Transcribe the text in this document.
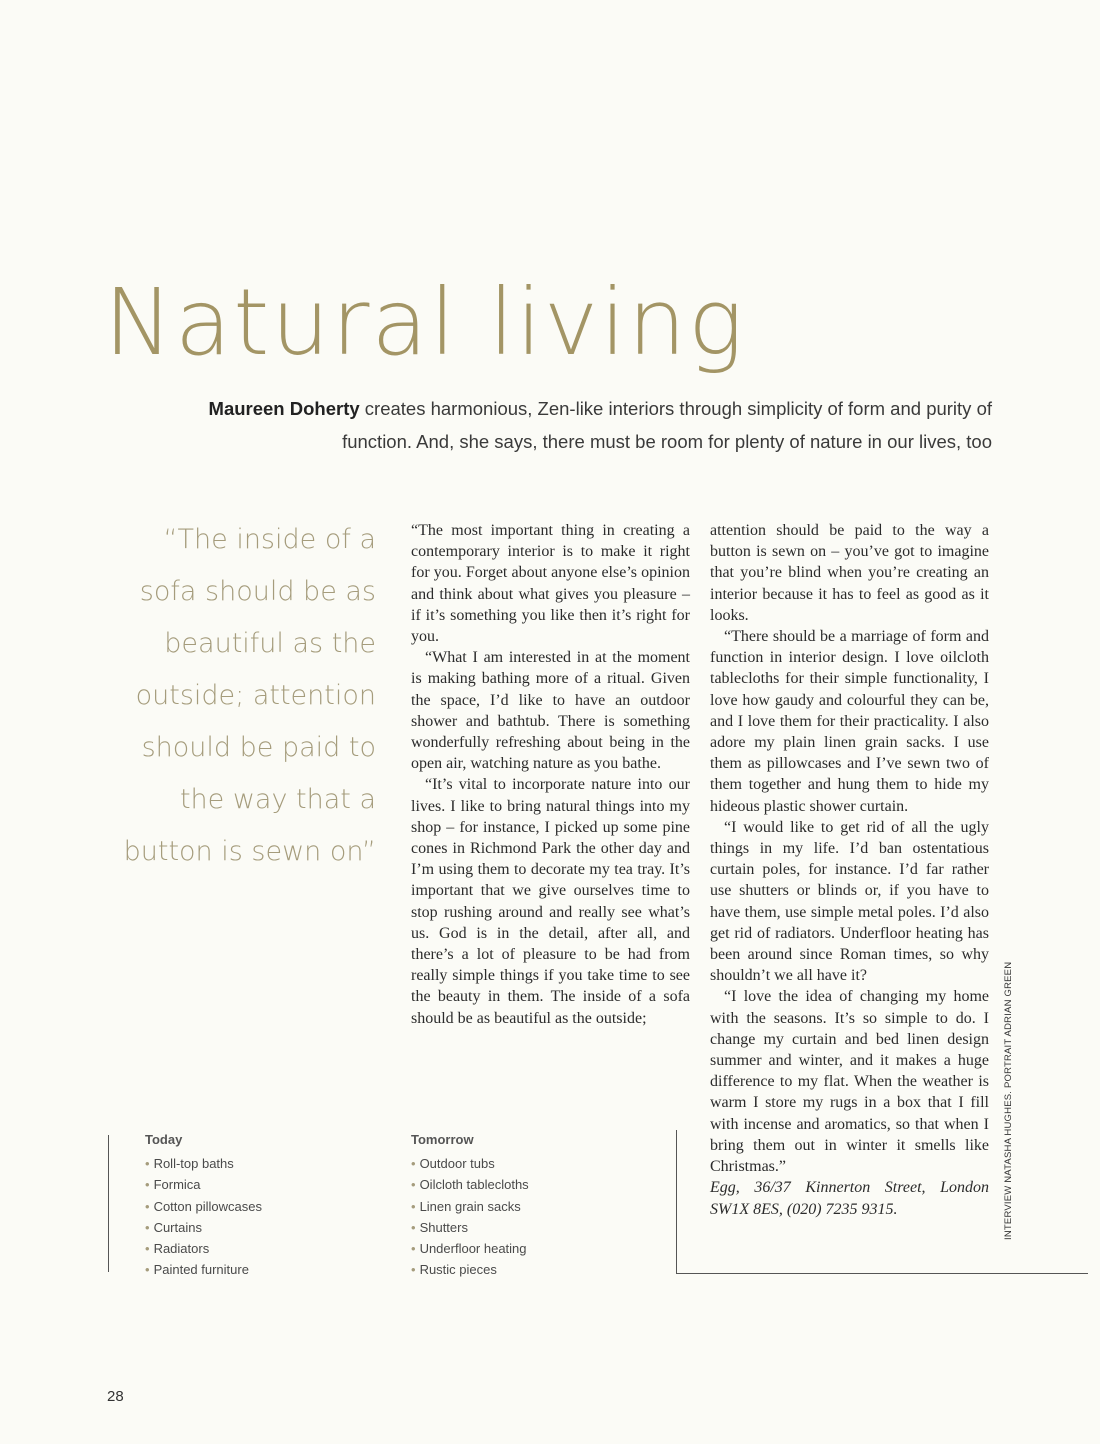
Natural living

Maureen Doherty creates harmonious, Zen-like interiors through simplicity of form and purity of
function. And, she says, there must be room for plenty of nature in our lives, too

“The inside of a sofa should be as beautiful as the outside; attention should be paid to the way that a button is sewn on”

“The most important thing in creating a contemporary interior is to make it right for you. Forget about anyone else’s opinion and think about what gives you pleasure – if it’s something you like then it’s right for you.

“What I am interested in at the moment is making bathing more of a ritual. Given the space, I’d like to have an outdoor shower and bathtub. There is something wonderfully refreshing about being in the open air, watching nature as you bathe.

“It’s vital to incorporate nature into our lives. I like to bring natural things into my shop – for instance, I picked up some pine cones in Richmond Park the other day and I’m using them to decorate my tea tray. It’s important that we give ourselves time to stop rushing around and really see what’s us. God is in the detail, after all, and there’s a lot of pleasure to be had from really simple things if you take time to see the beauty in them. The inside of a sofa should be as beautiful as the outside;

attention should be paid to the way a button is sewn on – you’ve got to imagine that you’re blind when you’re creating an interior because it has to feel as good as it looks.

“There should be a marriage of form and function in interior design. I love oilcloth tablecloths for their simple functionality, I love how gaudy and colourful they can be, and I love them for their practicality. I also adore my plain linen grain sacks. I use them as pillowcases and I’ve sewn two of them together and hung them to hide my hideous plastic shower curtain.

“I would like to get rid of all the ugly things in my life. I’d ban ostentatious curtain poles, for instance. I’d far rather use shutters or blinds or, if you have to have them, use simple metal poles. I’d also get rid of radiators. Underfloor heating has been around since Roman times, so why shouldn’t we all have it?

“I love the idea of changing my home with the seasons. It’s so simple to do. I change my curtain and bed linen design summer and winter, and it makes a huge difference to my flat. When the weather is warm I store my rugs in a box that I fill with incense and aromatics, so that when I bring them out in winter it smells like Christmas.”

Egg, 36/37 Kinnerton Street, London SW1X 8ES, (020) 7235 9315.

Today
• Roll-top baths
• Formica
• Cotton pillowcases
• Curtains
• Radiators
• Painted furniture
Tomorrow
• Outdoor tubs
• Oilcloth tablecloths
• Linen grain sacks
• Shutters
• Underfloor heating
• Rustic pieces
INTERVIEW NATASHA HUGHES. PORTRAIT ADRIAN GREEN
28
